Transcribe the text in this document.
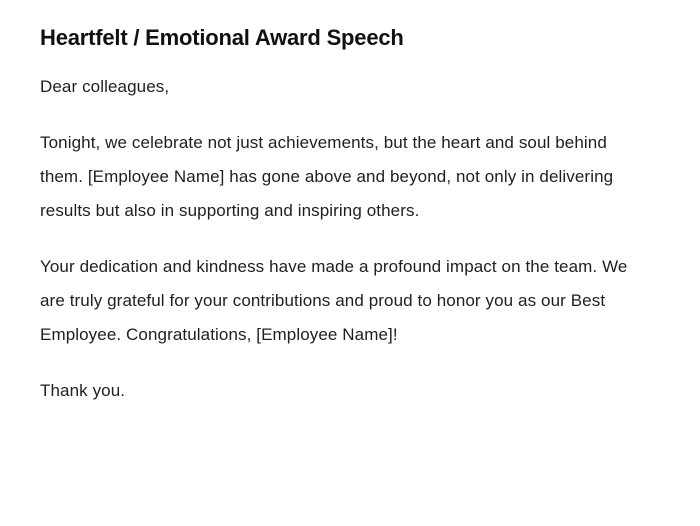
Heartfelt / Emotional Award Speech

Dear colleagues,

Tonight, we celebrate not just achievements, but the heart and soul behind them. [Employee Name] has gone above and beyond, not only in delivering results but also in supporting and inspiring others.

Your dedication and kindness have made a profound impact on the team. We are truly grateful for your contributions and proud to honor you as our Best Employee. Congratulations, [Employee Name]!

Thank you.
